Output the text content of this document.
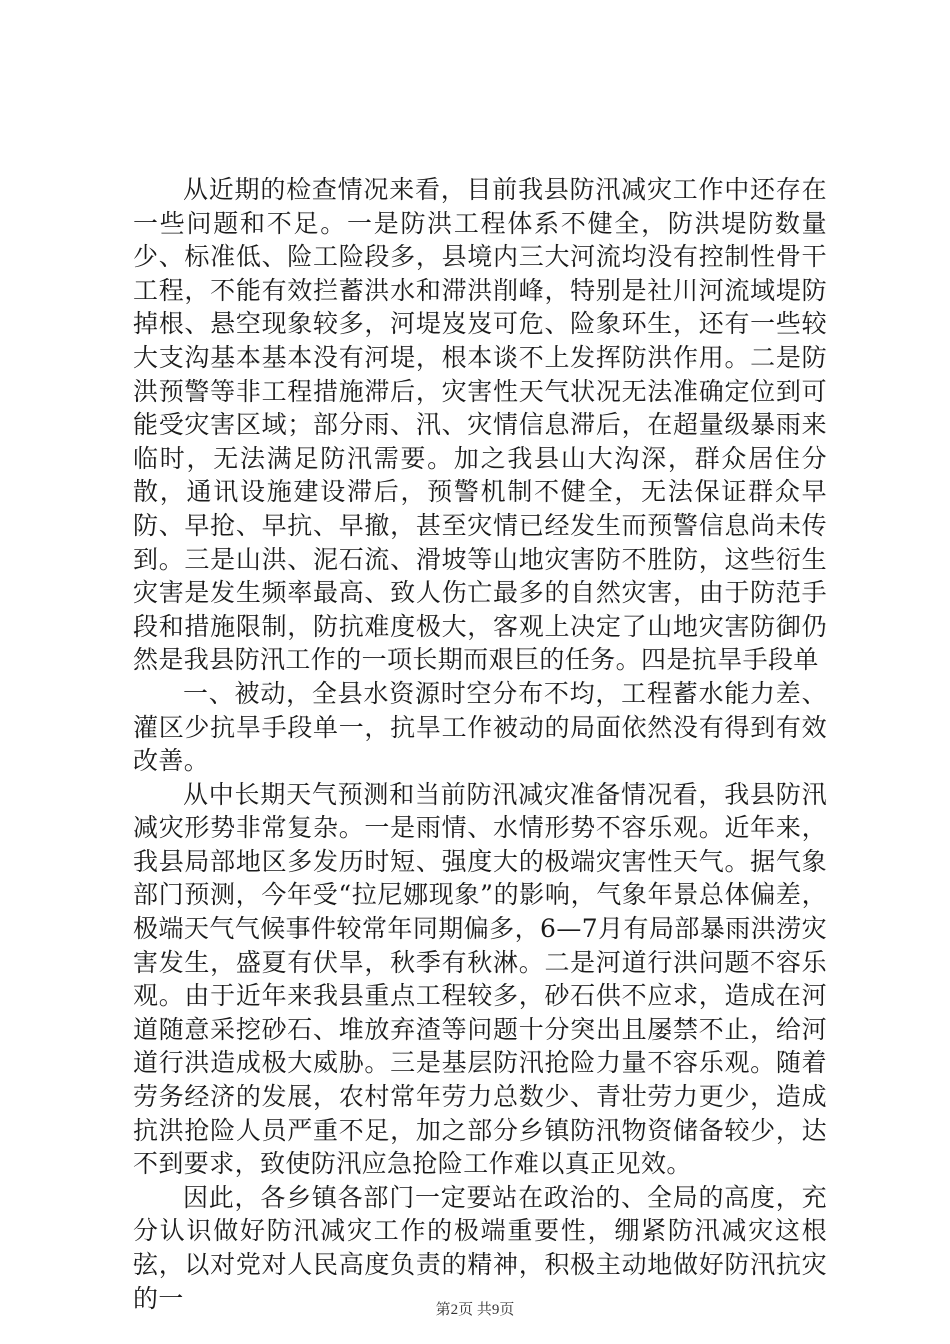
从近期的检查情况来看，目前我县防汛减灾工作中还存在一些问题和不足。一是防洪工程体系不健全，防洪堤防数量少、标准低、险工险段多，县境内三大河流均没有控制性骨干工程，不能有效拦蓄洪水和滞洪削峰，特别是社川河流域堤防掉根、悬空现象较多，河堤岌岌可危、险象环生，还有一些较大支沟基本基本没有河堤，根本谈不上发挥防洪作用。二是防洪预警等非工程措施滞后，灾害性天气状况无法准确定位到可能受灾害区域；部分雨、汛、灾情信息滞后，在超量级暴雨来临时，无法满足防汛需要。加之我县山大沟深，群众居住分散，通讯设施建设滞后，预警机制不健全，无法保证群众早防、早抢、早抗、早撤，甚至灾情已经发生而预警信息尚未传到。三是山洪、泥石流、滑坡等山地灾害防不胜防，这些衍生灾害是发生频率最高、致人伤亡最多的自然灾害，由于防范手段和措施限制，防抗难度极大，客观上决定了山地灾害防御仍然是我县防汛工作的一项长期而艰巨的任务。四是抗旱手段单

一、被动，全县水资源时空分布不均，工程蓄水能力差、灌区少抗旱手段单一，抗旱工作被动的局面依然没有得到有效改善。

从中长期天气预测和当前防汛减灾准备情况看，我县防汛减灾形势非常复杂。一是雨情、水情形势不容乐观。近年来，我县局部地区多发历时短、强度大的极端灾害性天气。据气象部门预测，今年受“拉尼娜现象”的影响，气象年景总体偏差，极端天气气候事件较常年同期偏多，6—7月有局部暴雨洪涝灾害发生，盛夏有伏旱，秋季有秋淋。二是河道行洪问题不容乐观。由于近年来我县重点工程较多，砂石供不应求，造成在河道随意采挖砂石、堆放弃渣等问题十分突出且屡禁不止，给河道行洪造成极大威胁。三是基层防汛抢险力量不容乐观。随着劳务经济的发展，农村常年劳力总数少、青壮劳力更少，造成抗洪抢险人员严重不足，加之部分乡镇防汛物资储备较少，达不到要求，致使防汛应急抢险工作难以真正见效。

因此，各乡镇各部门一定要站在政治的、全局的高度，充分认识做好防汛减灾工作的极端重要性，绷紧防汛减灾这根弦，以对党对人民高度负责的精神，积极主动地做好防汛抗灾的一	第2页 共9页
